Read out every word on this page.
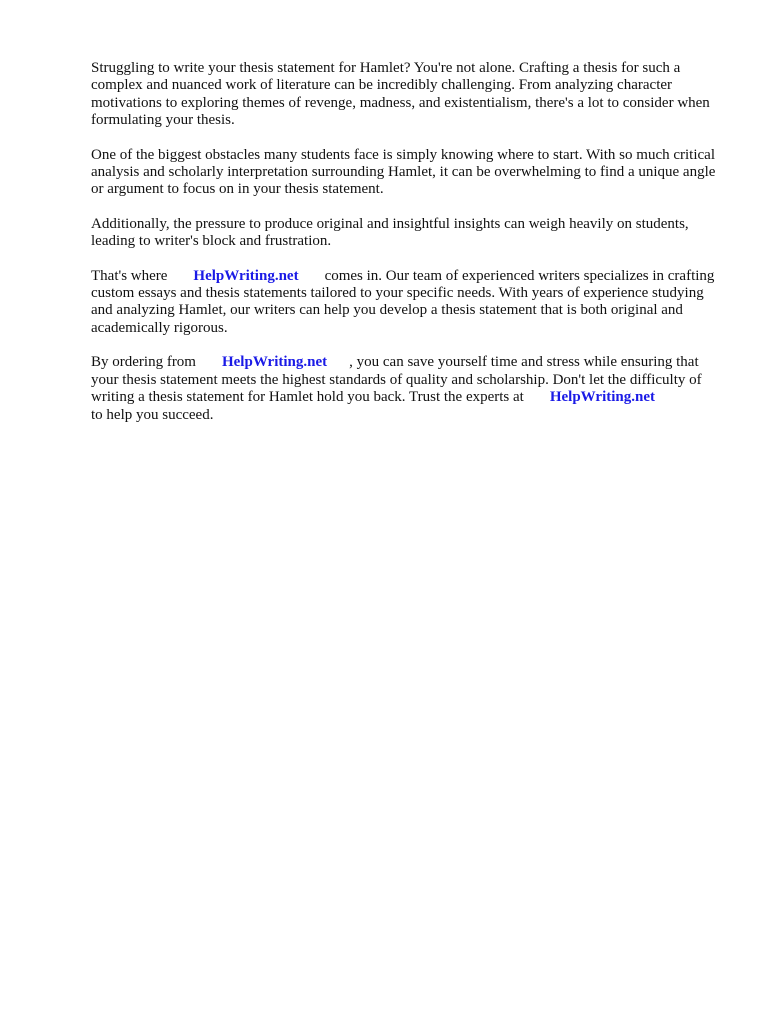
Struggling to write your thesis statement for Hamlet? You're not alone. Crafting a thesis for such a complex and nuanced work of literature can be incredibly challenging. From analyzing character motivations to exploring themes of revenge, madness, and existentialism, there's a lot to consider when formulating your thesis.

One of the biggest obstacles many students face is simply knowing where to start. With so much critical analysis and scholarly interpretation surrounding Hamlet, it can be overwhelming to find a unique angle or argument to focus on in your thesis statement.

Additionally, the pressure to produce original and insightful insights can weigh heavily on students, leading to writer's block and frustration.

That's where HelpWriting.net comes in. Our team of experienced writers specializes in crafting custom essays and thesis statements tailored to your specific needs. With years of experience studying and analyzing Hamlet, our writers can help you develop a thesis statement that is both original and academically rigorous.

By ordering from HelpWriting.net , you can save yourself time and stress while ensuring that your thesis statement meets the highest standards of quality and scholarship. Don't let the difficulty of writing a thesis statement for Hamlet hold you back. Trust the experts at HelpWriting.net
to help you succeed.
